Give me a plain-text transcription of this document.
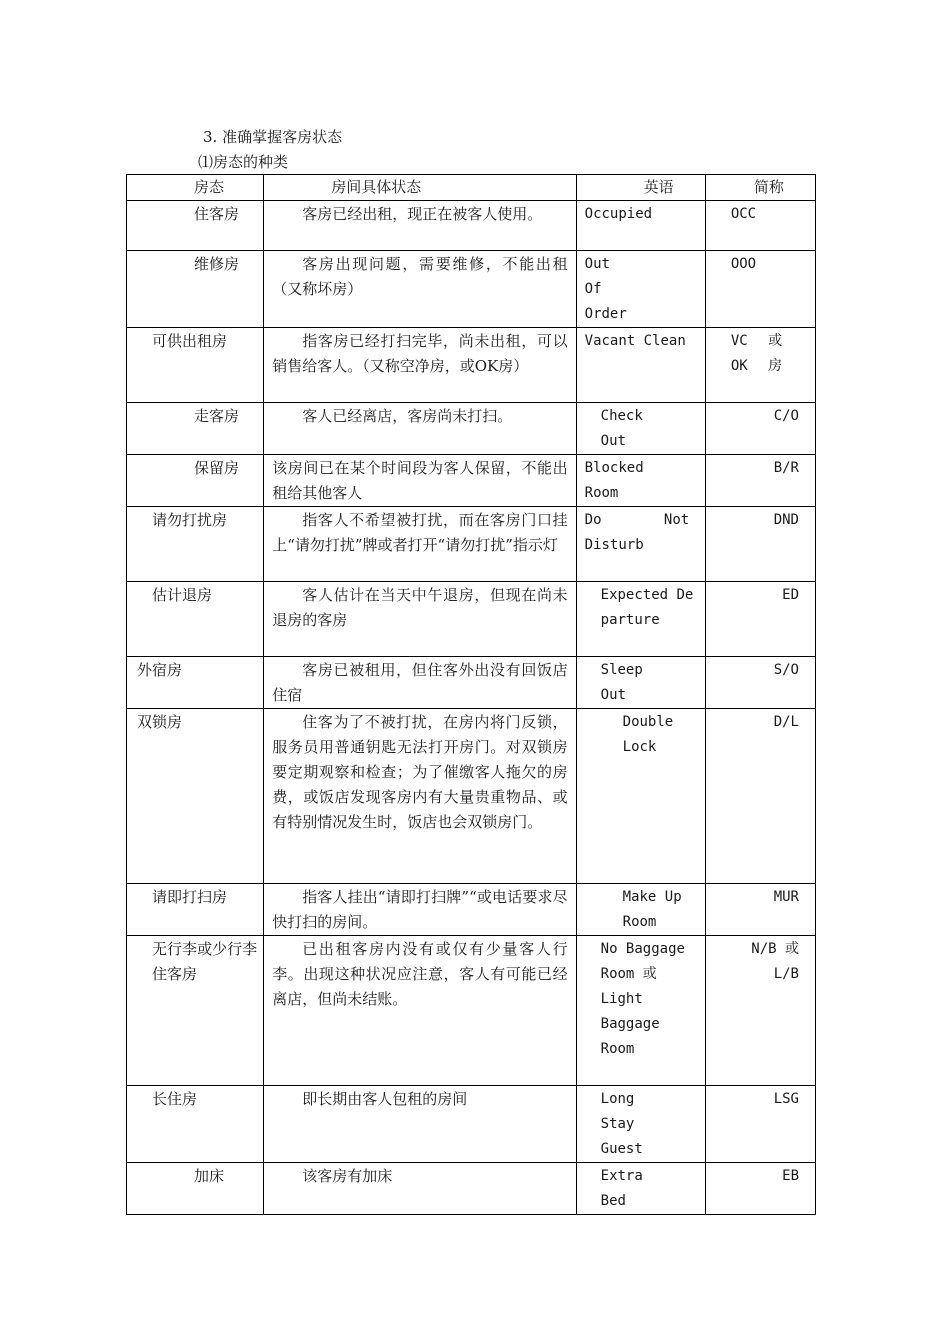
3. 准确掌握客房状态
⑴房态的种类
房态	房间具体状态	英语	简称
住客房	客房已经出租，现正在被客人使用。	Occupied	OCC
维修房	客房出现问题，需要维修，不能出租（又称坏房）	Out Of Order	OOO
可供出租房	指客房已经打扫完毕，尚未出租，可以销售给客人。（又称空净房，或OK房）	Vacant Clean	VC 或 OK 房
走客房	客人已经离店，客房尚未打扫。	Check Out	C/O
保留房	该房间已在某个时间段为客人保留，不能出租给其他客人	Blocked Room	B/R
请勿打扰房	指客人不希望被打扰，而在客房门口挂上“请勿打扰”牌或者打开“请勿打扰”指示灯	Do Not Disturb	DND
估计退房	客人估计在当天中午退房，但现在尚未退房的客房	Expected Departure	ED
外宿房	客房已被租用，但住客外出没有回饭店住宿	Sleep Out	S/O
双锁房	住客为了不被打扰，在房内将门反锁，服务员用普通钥匙无法打开房门。对双锁房要定期观察和检查；为了催缴客人拖欠的房费，或饭店发现客房内有大量贵重物品、或有特别情况发生时，饭店也会双锁房门。	Double Lock	D/L
请即打扫房	指客人挂出“请即打扫牌”“或电话要求尽快打扫的房间。	Make Up Room	MUR
无行李或少行李住客房	已出租客房内没有或仅有少量客人行李。出现这种状况应注意，客人有可能已经离店，但尚未结账。	No Baggage Room 或 Light Baggage Room	N/B 或 L/B
长住房	即长期由客人包租的房间	Long Stay Guest	LSG
加床	该客房有加床	Extra Bed	EB
